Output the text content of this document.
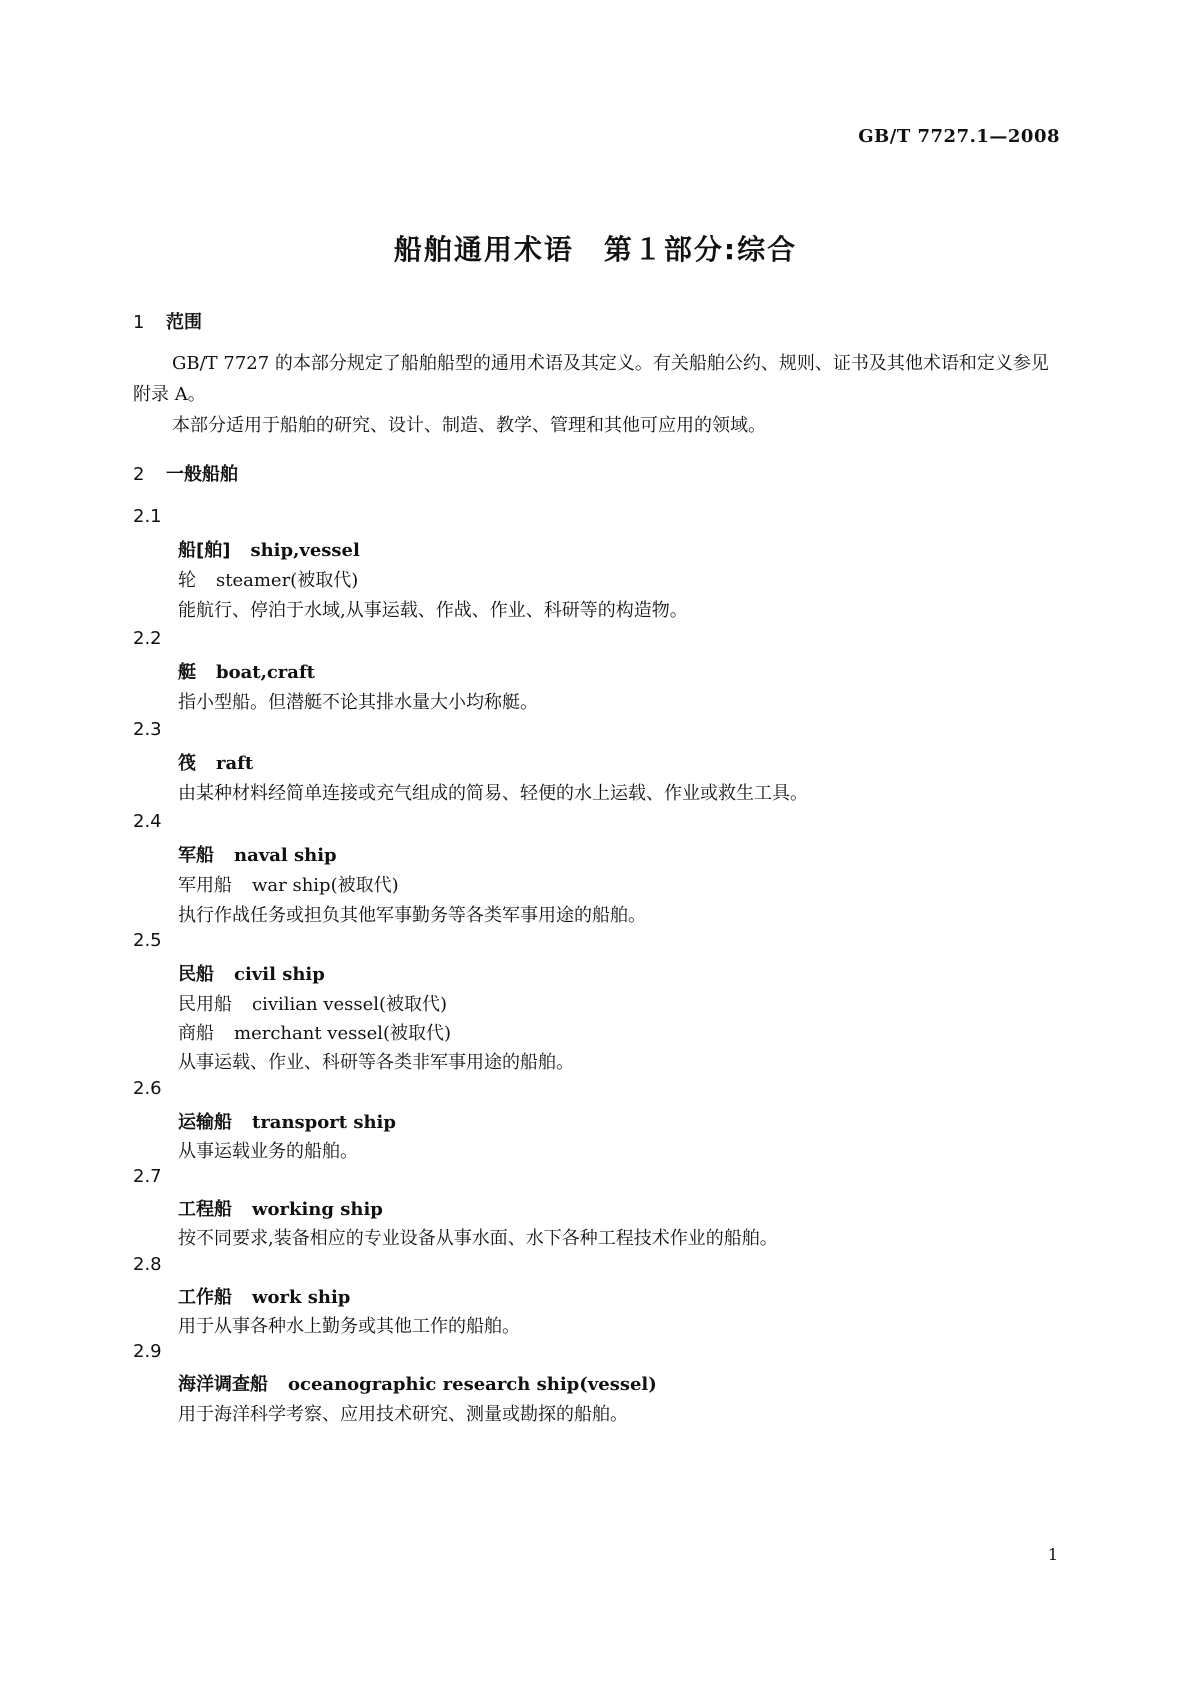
GB/T 7727.1—2008
船舶通用术语　第１部分:综合
1 范围

GB/T 7727 的本部分规定了船舶船型的通用术语及其定义。有关船舶公约、规则、证书及其他术语和定义参见附录 A。

本部分适用于船舶的研究、设计、制造、教学、管理和其他可应用的领域。

2 一般船舶
2.1
船[舶] ship,vessel
轮 steamer(被取代)
能航行、停泊于水域,从事运载、作战、作业、科研等的构造物。
2.2
艇 boat,craft
指小型船。但潜艇不论其排水量大小均称艇。
2.3
筏 raft
由某种材料经简单连接或充气组成的简易、轻便的水上运载、作业或救生工具。
2.4
军船 naval ship
军用船 war ship(被取代)
执行作战任务或担负其他军事勤务等各类军事用途的船舶。
2.5
民船 civil ship
民用船 civilian vessel(被取代)
商船 merchant vessel(被取代)
从事运载、作业、科研等各类非军事用途的船舶。
2.6
运输船 transport ship
从事运载业务的船舶。
2.7
工程船 working ship
按不同要求,装备相应的专业设备从事水面、水下各种工程技术作业的船舶。
2.8
工作船 work ship
用于从事各种水上勤务或其他工作的船舶。
2.9
海洋调查船 oceanographic research ship(vessel)
用于海洋科学考察、应用技术研究、测量或勘探的船舶。
1
